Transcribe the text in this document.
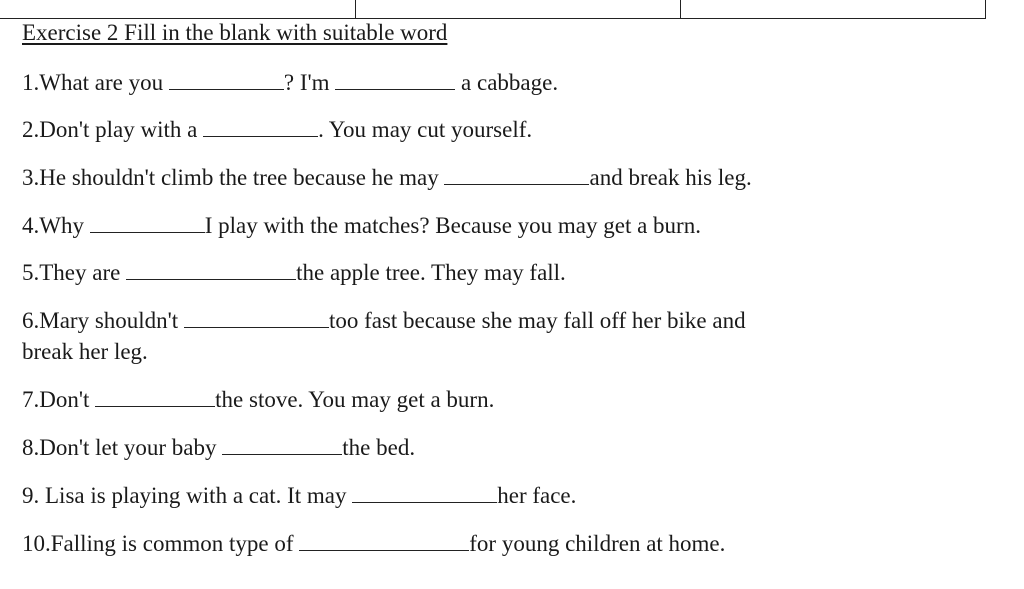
Exercise 2 Fill in the blank with suitable word
1.What are you	? I'm	a cabbage.
2.Don't play with a	. You may cut yourself.
3.He shouldn't climb the tree because he may	and break his leg.
4.Why	I play with the matches? Because you may get a burn.
5.They are	the apple tree. They may fall.
6.Mary shouldn't	too fast because she may fall off her bike and
break her leg.
7.Don't	the stove. You may get a burn.
8.Don't let your baby	the bed.
9. Lisa is playing with a cat. It may	her face.
10.Falling is common type of	for young children at home.
